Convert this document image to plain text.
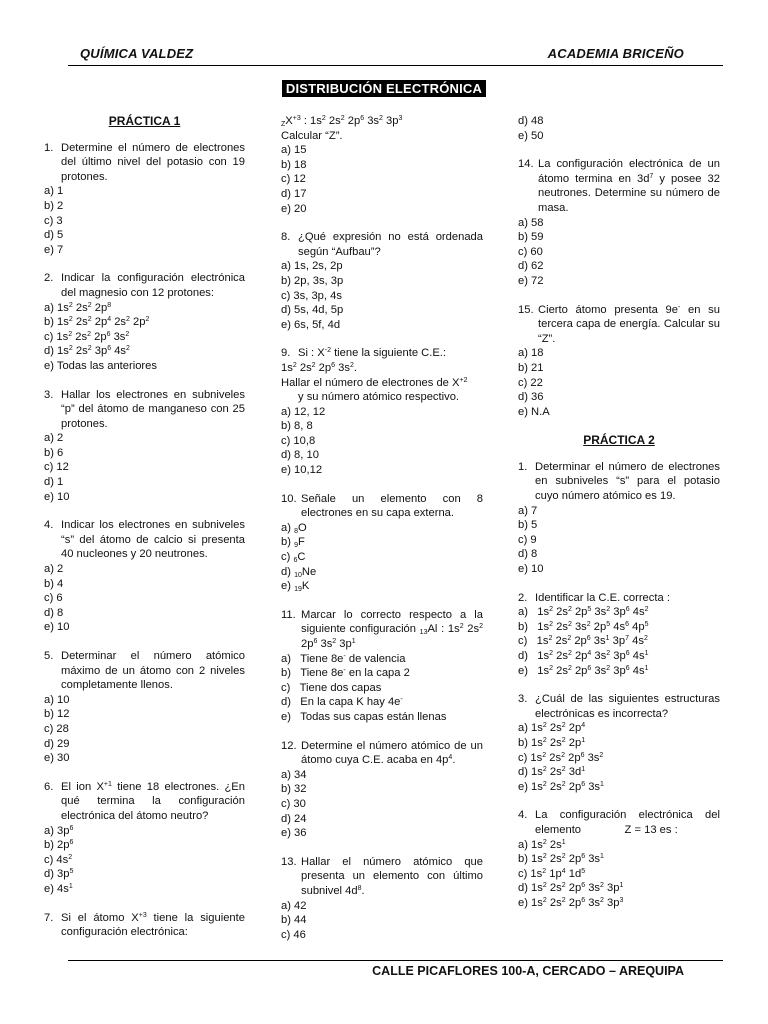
QUÍMICA VALDEZ	ACADEMIA BRICEÑO
DISTRIBUCIÓN ELECTRÓNICA
PRÁCTICA 1
1. Determine el número de electrones del último nivel del potasio con 19 protones.
a) 1
b) 2
c) 3
d) 5
e) 7
2. Indicar la configuración electrónica del magnesio con 12 protones:
a) $1s^2$ $2s^2$ $2p^8$
b) $1s^2$ $2s^2$ $2p^4$ $2s^2$ $2p^2$
c) $1s^2$ $2s^2$ $2p^6$ $3s^2$
d) $1s^2$ $2s^2$ $3p^6$ $4s^2$
e) Todas las anteriores
3. Hallar los electrones en subniveles “p” del átomo de manganeso con 25 protones.
a) 2
b) 6
c) 12
d) 1
e) 10
4. Indicar los electrones en subniveles “s” del átomo de calcio si presenta 40 nucleones y 20 neutrones.
a) 2
b) 4
c) 6
d) 8
e) 10
5. Determinar el número atómico máximo de un átomo con 2 niveles completamente llenos.
a) 10
b) 12
c) 28
d) 29
e) 30
6. El ion $X^{+1}$ tiene 18 electrones. ¿En qué termina la configuración electrónica del átomo neutro?
a) $3p^6$
b) $2p^6$
c) $4s^2$
d) $3p^5$
e) $4s^1$
7. Si el átomo $X^{+3}$ tiene la siguiente configuración electrónica:
$_ZX^{+3}$ : $1s^2$ $2s^2$ $2p^6$ $3s^2$ $3p^3$
Calcular “Z”.
a) 15
b) 18
c) 12
d) 17
e) 20
8. ¿Qué expresión no está ordenada según “Aufbau”?
a) 1s, 2s, 2p
b) 2p, 3s, 3p
c) 3s, 3p, 4s
d) 5s, 4d, 5p
e) 6s, 5f, 4d
9. Si : $X^{-2}$ tiene la siguiente C.E.:
$1s^2$ $2s^2$ $2p^6$ $3s^2$.
Hallar el número de electrones de $X^{+2}$
y su número atómico respectivo.
a) 12, 12
b) 8, 8
c) 10,8
d) 8, 10
e) 10,12
10. Señale un elemento con 8 electrones en su capa externa.
a) $_8$O
b) $_9$F
c) $_6$C
d) $_{10}$Ne
e) $_{19}$K
11. Marcar lo correcto respecto a la siguiente configuración $_{13}$Al : $1s^2$ $2s^2$ $2p^6$ $3s^2$ $3p^1$
a)   Tiene 8e- de valencia
b)   Tiene 8e- en la capa 2
c)   Tiene dos capas
d)   En la capa K hay 4e-
e)   Todas sus capas están llenas
12. Determine el número atómico de un átomo cuya C.E. acaba en $4p^4$.
a) 34
b) 32
c) 30
d) 24
e) 36
13. Hallar el número atómico que presenta un elemento con último subnivel $4d^8$.
a) 42
b) 44
c) 46
d) 48
e) 50
14. La configuración electrónica de un átomo termina en $3d^7$ y posee 32 neutrones. Determine su número de masa.
a) 58
b) 59
c) 60
d) 62
e) 72
15. Cierto átomo presenta 9e- en su tercera capa de energía. Calcular su “Z”.
a) 18
b) 21
c) 22
d) 36
e) N.A
PRÁCTICA 2
1. Determinar el número de electrones en subniveles “s” para el potasio cuyo número atómico es 19.
a) 7
b) 5
c) 9
d) 8
e) 10
2. Identificar la C.E. correcta :
a)   $1s^2$ $2s^2$ $2p^5$ $3s^2$ $3p^6$ $4s^2$
b)   $1s^2$ $2s^2$ $3s^2$ $2p^5$ $4s^6$ $4p^5$
c)   $1s^2$ $2s^2$ $2p^6$ $3s^1$ $3p^7$ $4s^2$
d)   $1s^2$ $2s^2$ $2p^4$ $3s^2$ $3p^6$ $4s^1$
e)   $1s^2$ $2s^2$ $2p^6$ $3s^2$ $3p^6$ $4s^1$
3. ¿Cuál de las siguientes estructuras electrónicas es incorrecta?
a) $1s^2$ $2s^2$ $2p^4$
b) $1s^2$ $2s^2$ $2p^1$
c) $1s^2$ $2s^2$ $2p^6$ $3s^2$
d) $1s^2$ $2s^2$ $3d^1$
e) $1s^2$ $2s^2$ $2p^6$ $3s^1$
4. La configuración electrónica del elemento              Z = 13 es :
a) $1s^2$ $2s^1$
b) $1s^2$ $2s^2$ $2p^6$ $3s^1$
c) $1s^2$ $1p^4$ $1d^5$
d) $1s^2$ $2s^2$ $2p^6$ $3s^2$ $3p^1$
e) $1s^2$ $2s^2$ $2p^6$ $3s^2$ $3p^3$
CALLE PICAFLORES 100-A, CERCADO – AREQUIPA
